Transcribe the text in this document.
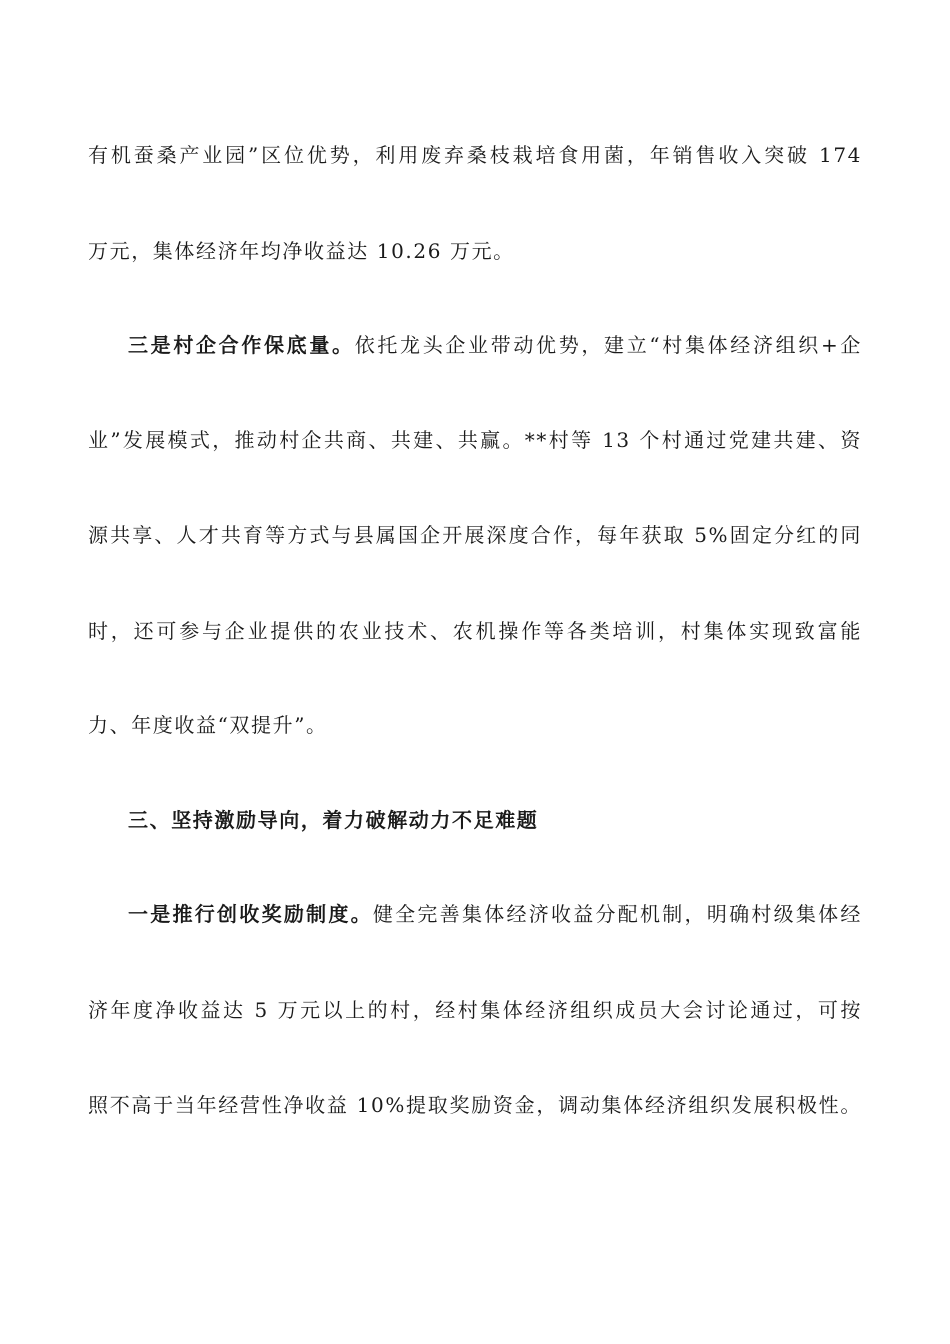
有机蚕桑产业园”区位优势，利用废弃桑枝栽培食用菌，年销售收入突破 174
万元，集体经济年均净收益达 10.26 万元。
三是村企合作保底量。依托龙头企业带动优势，建立“村集体经济组织+企
业”发展模式，推动村企共商、共建、共赢。**村等 13 个村通过党建共建、资
源共享、人才共育等方式与县属国企开展深度合作，每年获取 5%固定分红的同
时，还可参与企业提供的农业技术、农机操作等各类培训，村集体实现致富能
力、年度收益“双提升”。
三、坚持激励导向，着力破解动力不足难题
一是推行创收奖励制度。健全完善集体经济收益分配机制，明确村级集体经
济年度净收益达 5 万元以上的村，经村集体经济组织成员大会讨论通过，可按
照不高于当年经营性净收益 10%提取奖励资金，调动集体经济组织发展积极性。
